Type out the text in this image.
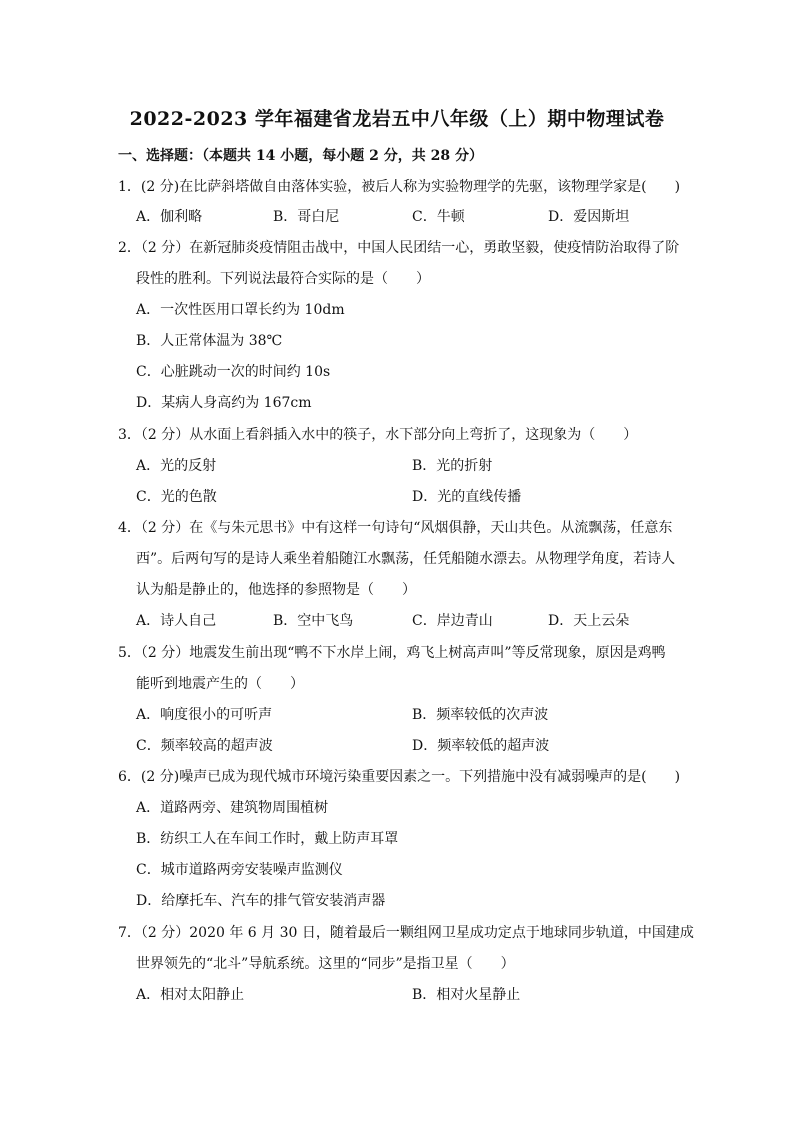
2022-2023 学年福建省龙岩五中八年级（上）期中物理试卷
一、选择题：（本题共 14 小题，每小题 2 分，共 28 分）
1．(2 分)在比萨斜塔做自由落体实验，被后人称为实验物理学的先驱，该物理学家是(　　)
A．伽利略	B．哥白尼	C．牛顿	D．爱因斯坦
2．（2 分）在新冠肺炎疫情阻击战中，中国人民团结一心，勇敢坚毅，使疫情防治取得了阶
段性的胜利。下列说法最符合实际的是（　　）
A．一次性医用口罩长约为 10dm
B．人正常体温为 38℃
C．心脏跳动一次的时间约 10s
D．某病人身高约为 167cm
3．（2 分）从水面上看斜插入水中的筷子，水下部分向上弯折了，这现象为（　　）
A．光的反射	B．光的折射
C．光的色散	D．光的直线传播
4．（2 分）在《与朱元思书》中有这样一句诗句“风烟俱静，天山共色。从流飘荡，任意东
西”。后两句写的是诗人乘坐着船随江水飘荡，任凭船随水漂去。从物理学角度，若诗人
认为船是静止的，他选择的参照物是（　　）
A．诗人自己	B．空中飞鸟	C．岸边青山	D．天上云朵
5．（2 分）地震发生前出现“鸭不下水岸上闹，鸡飞上树高声叫”等反常现象，原因是鸡鸭
能听到地震产生的（　　）
A．响度很小的可听声	B．频率较低的次声波
C．频率较高的超声波	D．频率较低的超声波
6．(2 分)噪声已成为现代城市环境污染重要因素之一。下列措施中没有减弱噪声的是(　　)
A．道路两旁、建筑物周围植树
B．纺织工人在车间工作时，戴上防声耳罩
C．城市道路两旁安装噪声监测仪
D．给摩托车、汽车的排气管安装消声器
7．（2 分）2020 年 6 月 30 日，随着最后一颗组网卫星成功定点于地球同步轨道，中国建成
世界领先的“北斗”导航系统。这里的“同步”是指卫星（　　）
A．相对太阳静止	B．相对火星静止
